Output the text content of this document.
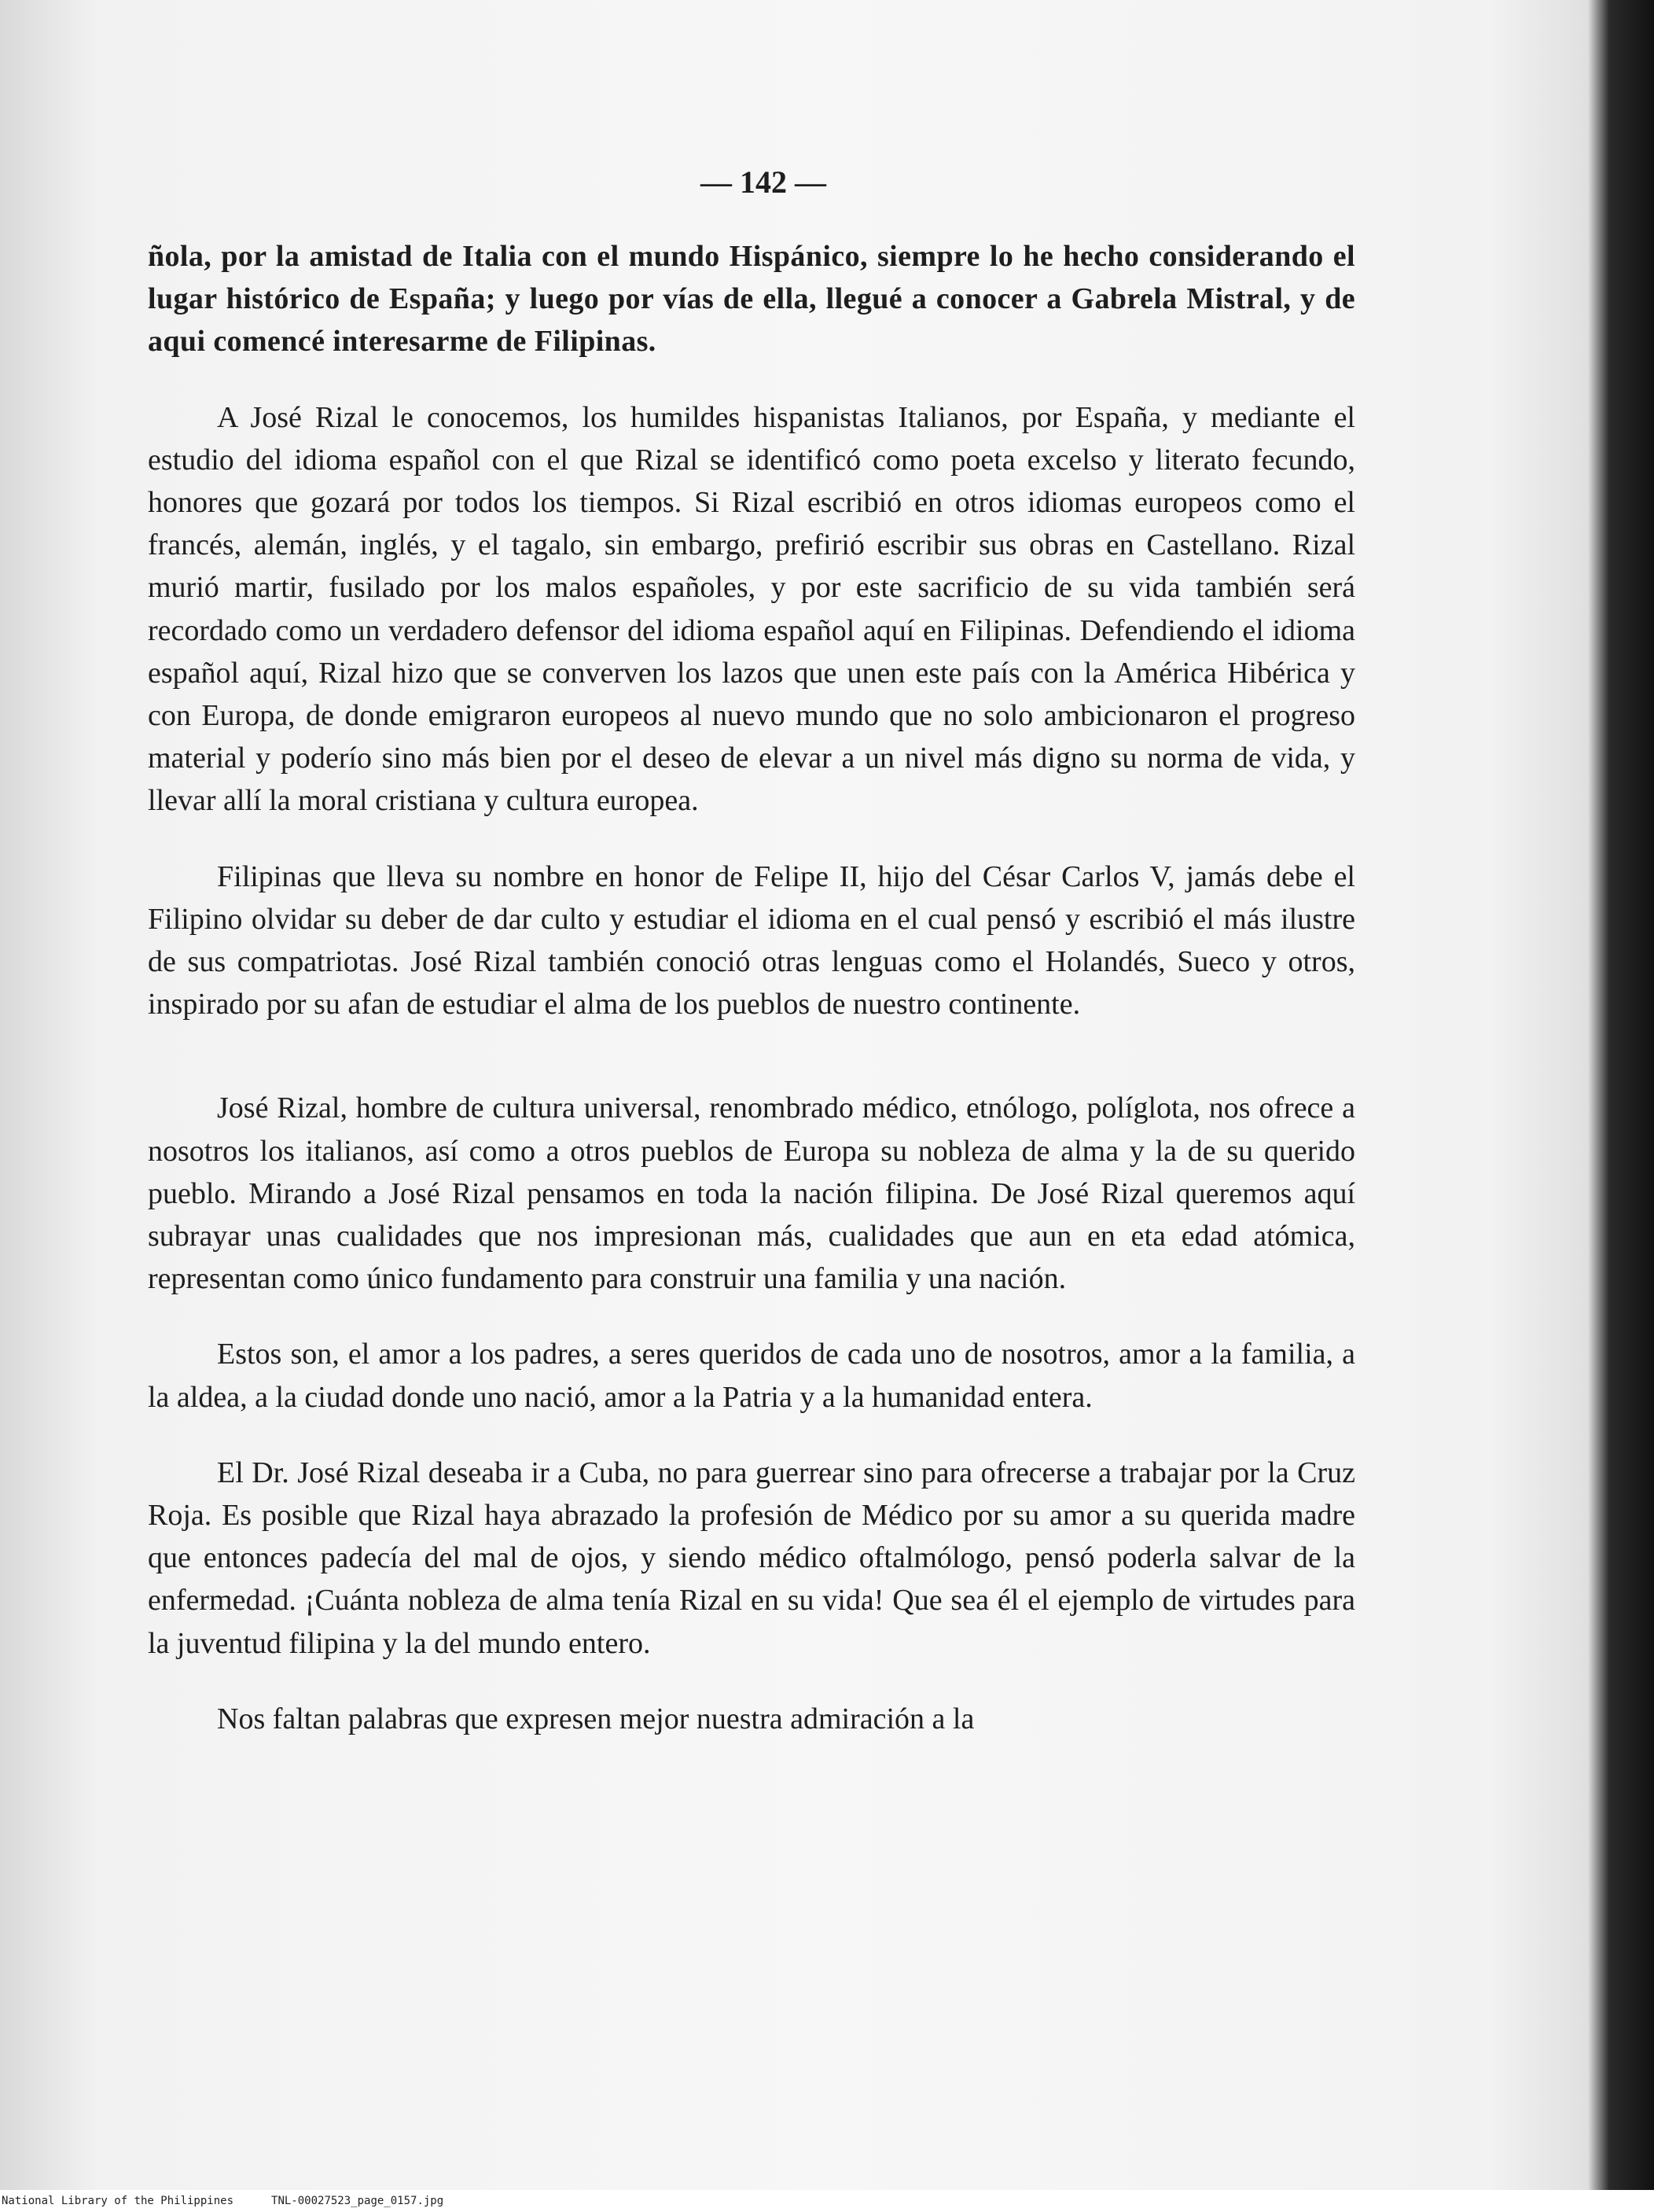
— 142 —

ñola, por la amistad de Italia con el mundo Hispánico, siempre lo he hecho considerando el lugar histórico de España; y luego por vías de ella, llegué a conocer a Gabrela Mistral, y de aqui comencé interesarme de Filipinas.

A José Rizal le conocemos, los humildes hispanistas Italianos, por España, y mediante el estudio del idioma español con el que Rizal se identificó como poeta excelso y literato fecundo, honores que gozará por todos los tiempos. Si Rizal escribió en otros idiomas europeos como el francés, alemán, inglés, y el tagalo, sin embargo, prefirió escribir sus obras en Castellano. Rizal murió martir, fusilado por los malos españoles, y por este sacrificio de su vida también será recordado como un verdadero defensor del idioma español aquí en Filipinas. Defendiendo el idioma español aquí, Rizal hizo que se converven los lazos que unen este país con la América Hibérica y con Europa, de donde emigraron europeos al nuevo mundo que no solo ambicionaron el progreso material y poderío sino más bien por el deseo de elevar a un nivel más digno su norma de vida, y llevar allí la moral cristiana y cultura europea.

Filipinas que lleva su nombre en honor de Felipe II, hijo del César Carlos V, jamás debe el Filipino olvidar su deber de dar culto y estudiar el idioma en el cual pensó y escribió el más ilustre de sus compatriotas. José Rizal también conoció otras lenguas como el Holandés, Sueco y otros, inspirado por su afan de estudiar el alma de los pueblos de nuestro continente.

José Rizal, hombre de cultura universal, renombrado médico, etnólogo, políglota, nos ofrece a nosotros los italianos, así como a otros pueblos de Europa su nobleza de alma y la de su querido pueblo. Mirando a José Rizal pensamos en toda la nación filipina. De José Rizal queremos aquí subrayar unas cualidades que nos impresionan más, cualidades que aun en eta edad atómica, representan como único fundamento para construir una familia y una nación.

Estos son, el amor a los padres, a seres queridos de cada uno de nosotros, amor a la familia, a la aldea, a la ciudad donde uno nació, amor a la Patria y a la humanidad entera.

El Dr. José Rizal deseaba ir a Cuba, no para guerrear sino para ofrecerse a trabajar por la Cruz Roja. Es posible que Rizal haya abrazado la profesión de Médico por su amor a su querida madre que entonces padecía del mal de ojos, y siendo médico oftalmólogo, pensó poderla salvar de la enfermedad. ¡Cuánta nobleza de alma tenía Rizal en su vida! Que sea él el ejemplo de virtudes para la juventud filipina y la del mundo entero.

Nos faltan palabras que expresen mejor nuestra admiración a la

National Library of the Philippines	TNL-00027523_page_0157.jpg
